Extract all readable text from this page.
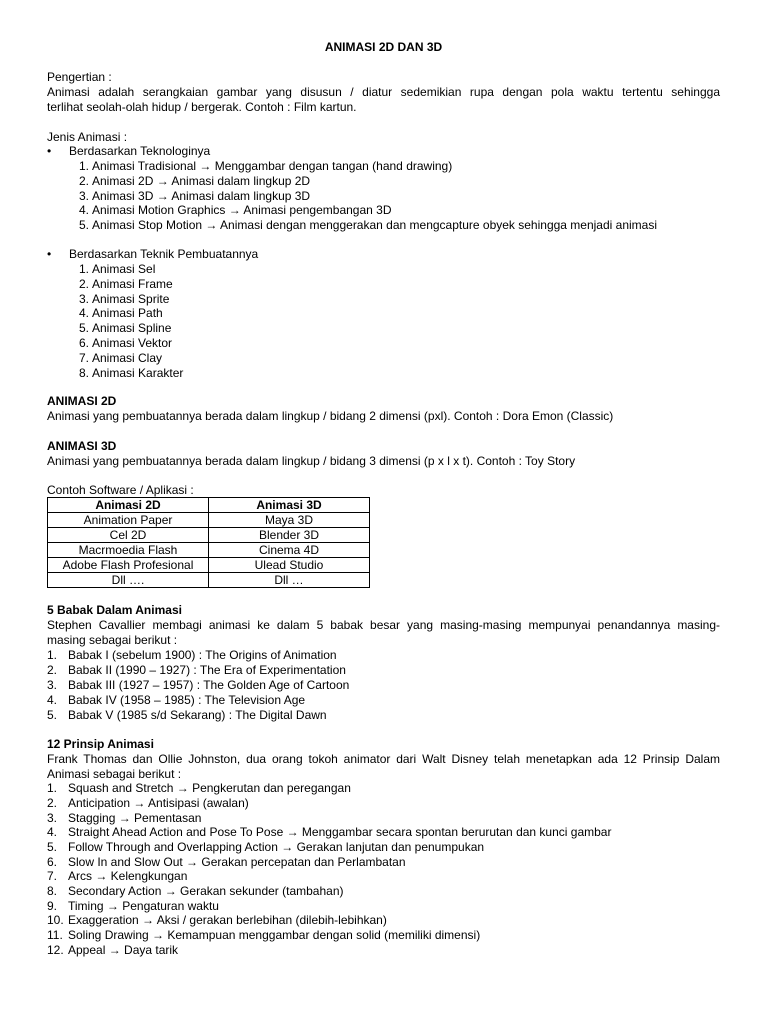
ANIMASI 2D DAN 3D
Pengertian :
Animasi adalah serangkaian gambar yang disusun / diatur sedemikian rupa dengan pola waktu tertentu sehingga
terlihat seolah-olah hidup / bergerak. Contoh : Film kartun.
Jenis Animasi :
• Berdasarkan Teknologinya
1. Animasi Tradisional → Menggambar dengan tangan (hand drawing)
2. Animasi 2D → Animasi dalam lingkup 2D
3. Animasi 3D → Animasi dalam lingkup 3D
4. Animasi Motion Graphics → Animasi pengembangan 3D
5. Animasi Stop Motion → Animasi dengan menggerakan dan mengcapture obyek sehingga menjadi animasi
• Berdasarkan Teknik Pembuatannya
1. Animasi Sel
2. Animasi Frame
3. Animasi Sprite
4. Animasi Path
5. Animasi Spline
6. Animasi Vektor
7. Animasi Clay
8. Animasi Karakter
ANIMASI 2D
Animasi yang pembuatannya berada dalam lingkup / bidang 2 dimensi (pxl). Contoh : Dora Emon (Classic)
ANIMASI 3D
Animasi yang pembuatannya berada dalam lingkup / bidang 3 dimensi (p x l x t). Contoh : Toy Story
Contoh Software / Aplikasi :
Animasi 2D	Animasi 3D
Animation Paper	Maya 3D
Cel 2D	Blender 3D
Macrmoedia Flash	Cinema 4D
Adobe Flash Profesional	Ulead Studio
Dll ….	Dll …
5 Babak Dalam Animasi
Stephen Cavallier membagi animasi ke dalam 5 babak besar yang masing-masing mempunyai penandannya masing-
masing sebagai berikut :
1. Babak I (sebelum 1900) : The Origins of Animation
2. Babak II (1990 – 1927) : The Era of Experimentation
3. Babak III (1927 – 1957) : The Golden Age of Cartoon
4. Babak IV (1958 – 1985) : The Television Age
5. Babak V (1985 s/d Sekarang) : The Digital Dawn
12 Prinsip Animasi
Frank Thomas dan Ollie Johnston, dua orang tokoh animator dari Walt Disney telah menetapkan ada 12 Prinsip Dalam
Animasi sebagai berikut :
1. Squash and Stretch → Pengkerutan dan peregangan
2. Anticipation → Antisipasi (awalan)
3. Stagging → Pementasan
4. Straight Ahead Action and Pose To Pose → Menggambar secara spontan berurutan dan kunci gambar
5. Follow Through and Overlapping Action → Gerakan lanjutan dan penumpukan
6. Slow In and Slow Out → Gerakan percepatan dan Perlambatan
7. Arcs → Kelengkungan
8. Secondary Action → Gerakan sekunder (tambahan)
9. Timing → Pengaturan waktu
10. Exaggeration → Aksi / gerakan berlebihan (dilebih-lebihkan)
11. Soling Drawing → Kemampuan menggambar dengan solid (memiliki dimensi)
12. Appeal → Daya tarik
